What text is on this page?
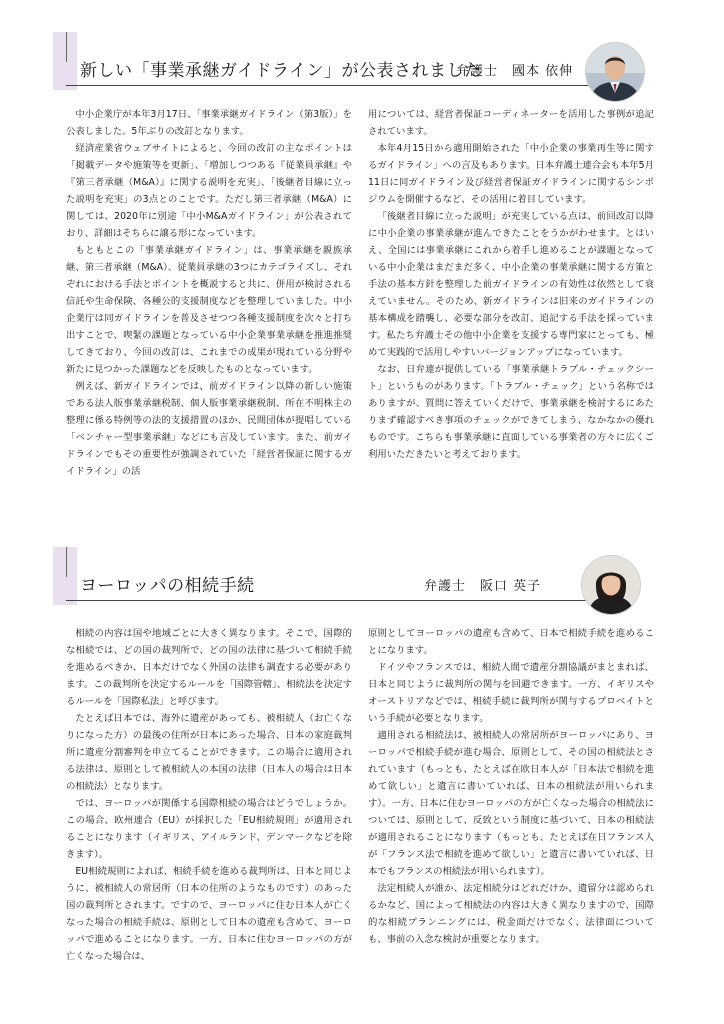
新しい「事業承継ガイドライン」が公表されました
弁護士　國本 依伸

中小企業庁が本年3月17日、「事業承継ガイドライン（第3版）」を公表しました。5年ぶりの改訂となります。

経済産業省ウェブサイトによると、今回の改訂の主なポイントは「掲載データや施策等を更新」、「増加しつつある『従業員承継』や『第三者承継（M&A）』に関する説明を充実」、「後継者目線に立った説明を充実」の3点とのことです。ただし第三者承継（M&A）に関しては、2020年に別途「中小M&Aガイドライン」が公表されており、詳細はそちらに譲る形になっています。

もともとこの「事業承継ガイドライン」は、事業承継を親族承継、第三者承継（M&A）、従業員承継の3つにカテゴライズし、それぞれにおける手法とポイントを概説すると共に、併用が検討される信託や生命保険、各種公的支援制度などを整理していました。中小企業庁は同ガイドラインを普及させつつ各種支援制度を次々と打ち出すことで、喫緊の課題となっている中小企業事業承継を推進推奨してきており、今回の改訂は、これまでの成果が現れている分野や新たに見つかった課題などを反映したものとなっています。

例えば、新ガイドラインでは、前ガイドライン以降の新しい施策である法人版事業承継税制、個人版事業承継税制、所在不明株主の整理に係る特例等の法的支援措置のほか、民間団体が提唱している「ベンチャー型事業承継」などにも言及しています。また、前ガイドラインでもその重要性が強調されていた「経営者保証に関するガイドライン」の活

用については、経営者保証コーディネーターを活用した事例が追記されています。

本年4月15日から適用開始された「中小企業の事業再生等に関するガイドライン」への言及もあります。日本弁護士連合会も本年5月11日に同ガイドライン及び経営者保証ガイドラインに関するシンポジウムを開催するなど、その活用に着目しています。

「後継者目線に立った説明」が充実している点は、前回改訂以降に中小企業の事業承継が進んできたことをうかがわせます。とはいえ、全国には事業承継にこれから着手し進めることが課題となっている中小企業はまだまだ多く、中小企業の事業承継に関する方策と手法の基本方針を整理した前ガイドラインの有効性は依然として衰えていません。そのため、新ガイドラインは旧来のガイドラインの基本構成を踏襲し、必要な部分を改訂、追記する手法を採っています。私たち弁護士その他中小企業を支援する専門家にとっても、極めて実践的で活用しやすいバージョンアップになっています。

なお、日弁連が提供している「事業承継トラブル・チェックシート」というものがあります。「トラブル・チェック」という名称ではありますが、質問に答えていくだけで、事業承継を検討するにあたりまず確認すべき事項のチェックができてしまう、なかなかの優れものです。こちらも事業承継に直面している事業者の方々に広くご利用いただきたいと考えております。

ヨーロッパの相続手続	弁護士　阪口 英子

相続の内容は国や地域ごとに大きく異なります。そこで、国際的な相続では、どの国の裁判所で、どの国の法律に基づいて相続手続を進めるべきか、日本だけでなく外国の法律も調査する必要があります。この裁判所を決定するルールを「国際管轄」、相続法を決定するルールを「国際私法」と呼びます。

たとえば日本では、海外に遺産があっても、被相続人（お亡くなりになった方）の最後の住所が日本にあった場合、日本の家庭裁判所に遺産分割審判を申立てることができます。この場合に適用される法律は、原則として被相続人の本国の法律（日本人の場合は日本の相続法）となります。

では、ヨーロッパが関係する国際相続の場合はどうでしょうか。この場合、欧州連合（EU）が採択した「EU相続規則」が適用されることになります（イギリス、アイルランド、デンマークなどを除きます）。

EU相続規則によれば、相続手続を進める裁判所は、日本と同じように、被相続人の常居所（日本の住所のようなものです）のあった国の裁判所とされます。ですので、ヨーロッパに住む日本人が亡くなった場合の相続手続は、原則として日本の遺産も含めて、ヨーロッパで進めることになります。一方、日本に住むヨーロッパの方が亡くなった場合は、

原則としてヨーロッパの遺産も含めて、日本で相続手続を進めることになります。

ドイツやフランスでは、相続人間で遺産分割協議がまとまれば、日本と同じように裁判所の関与を回避できます。一方、イギリスやオーストリアなどでは、相続手続に裁判所が関与するプロベイトという手続が必要となります。

適用される相続法は、被相続人の常居所がヨーロッパにあり、ヨーロッパで相続手続が進む場合、原則として、その国の相続法とされています（もっとも、たとえば在欧日本人が「日本法で相続を進めて欲しい」と遺言に書いていれば、日本の相続法が用いられます）。一方、日本に住むヨーロッパの方が亡くなった場合の相続法については、原則として、反致という制度に基づいて、日本の相続法が適用されることになります（もっとも、たとえば在日フランス人が「フランス法で相続を進めて欲しい」と遺言に書いていれば、日本でもフランスの相続法が用いられます）。

法定相続人が誰か、法定相続分はどれだけか、遺留分は認められるかなど、国によって相続法の内容は大きく異なりますので、国際的な相続プランニングには、税金面だけでなく、法律面についても、事前の入念な検討が重要となります。
